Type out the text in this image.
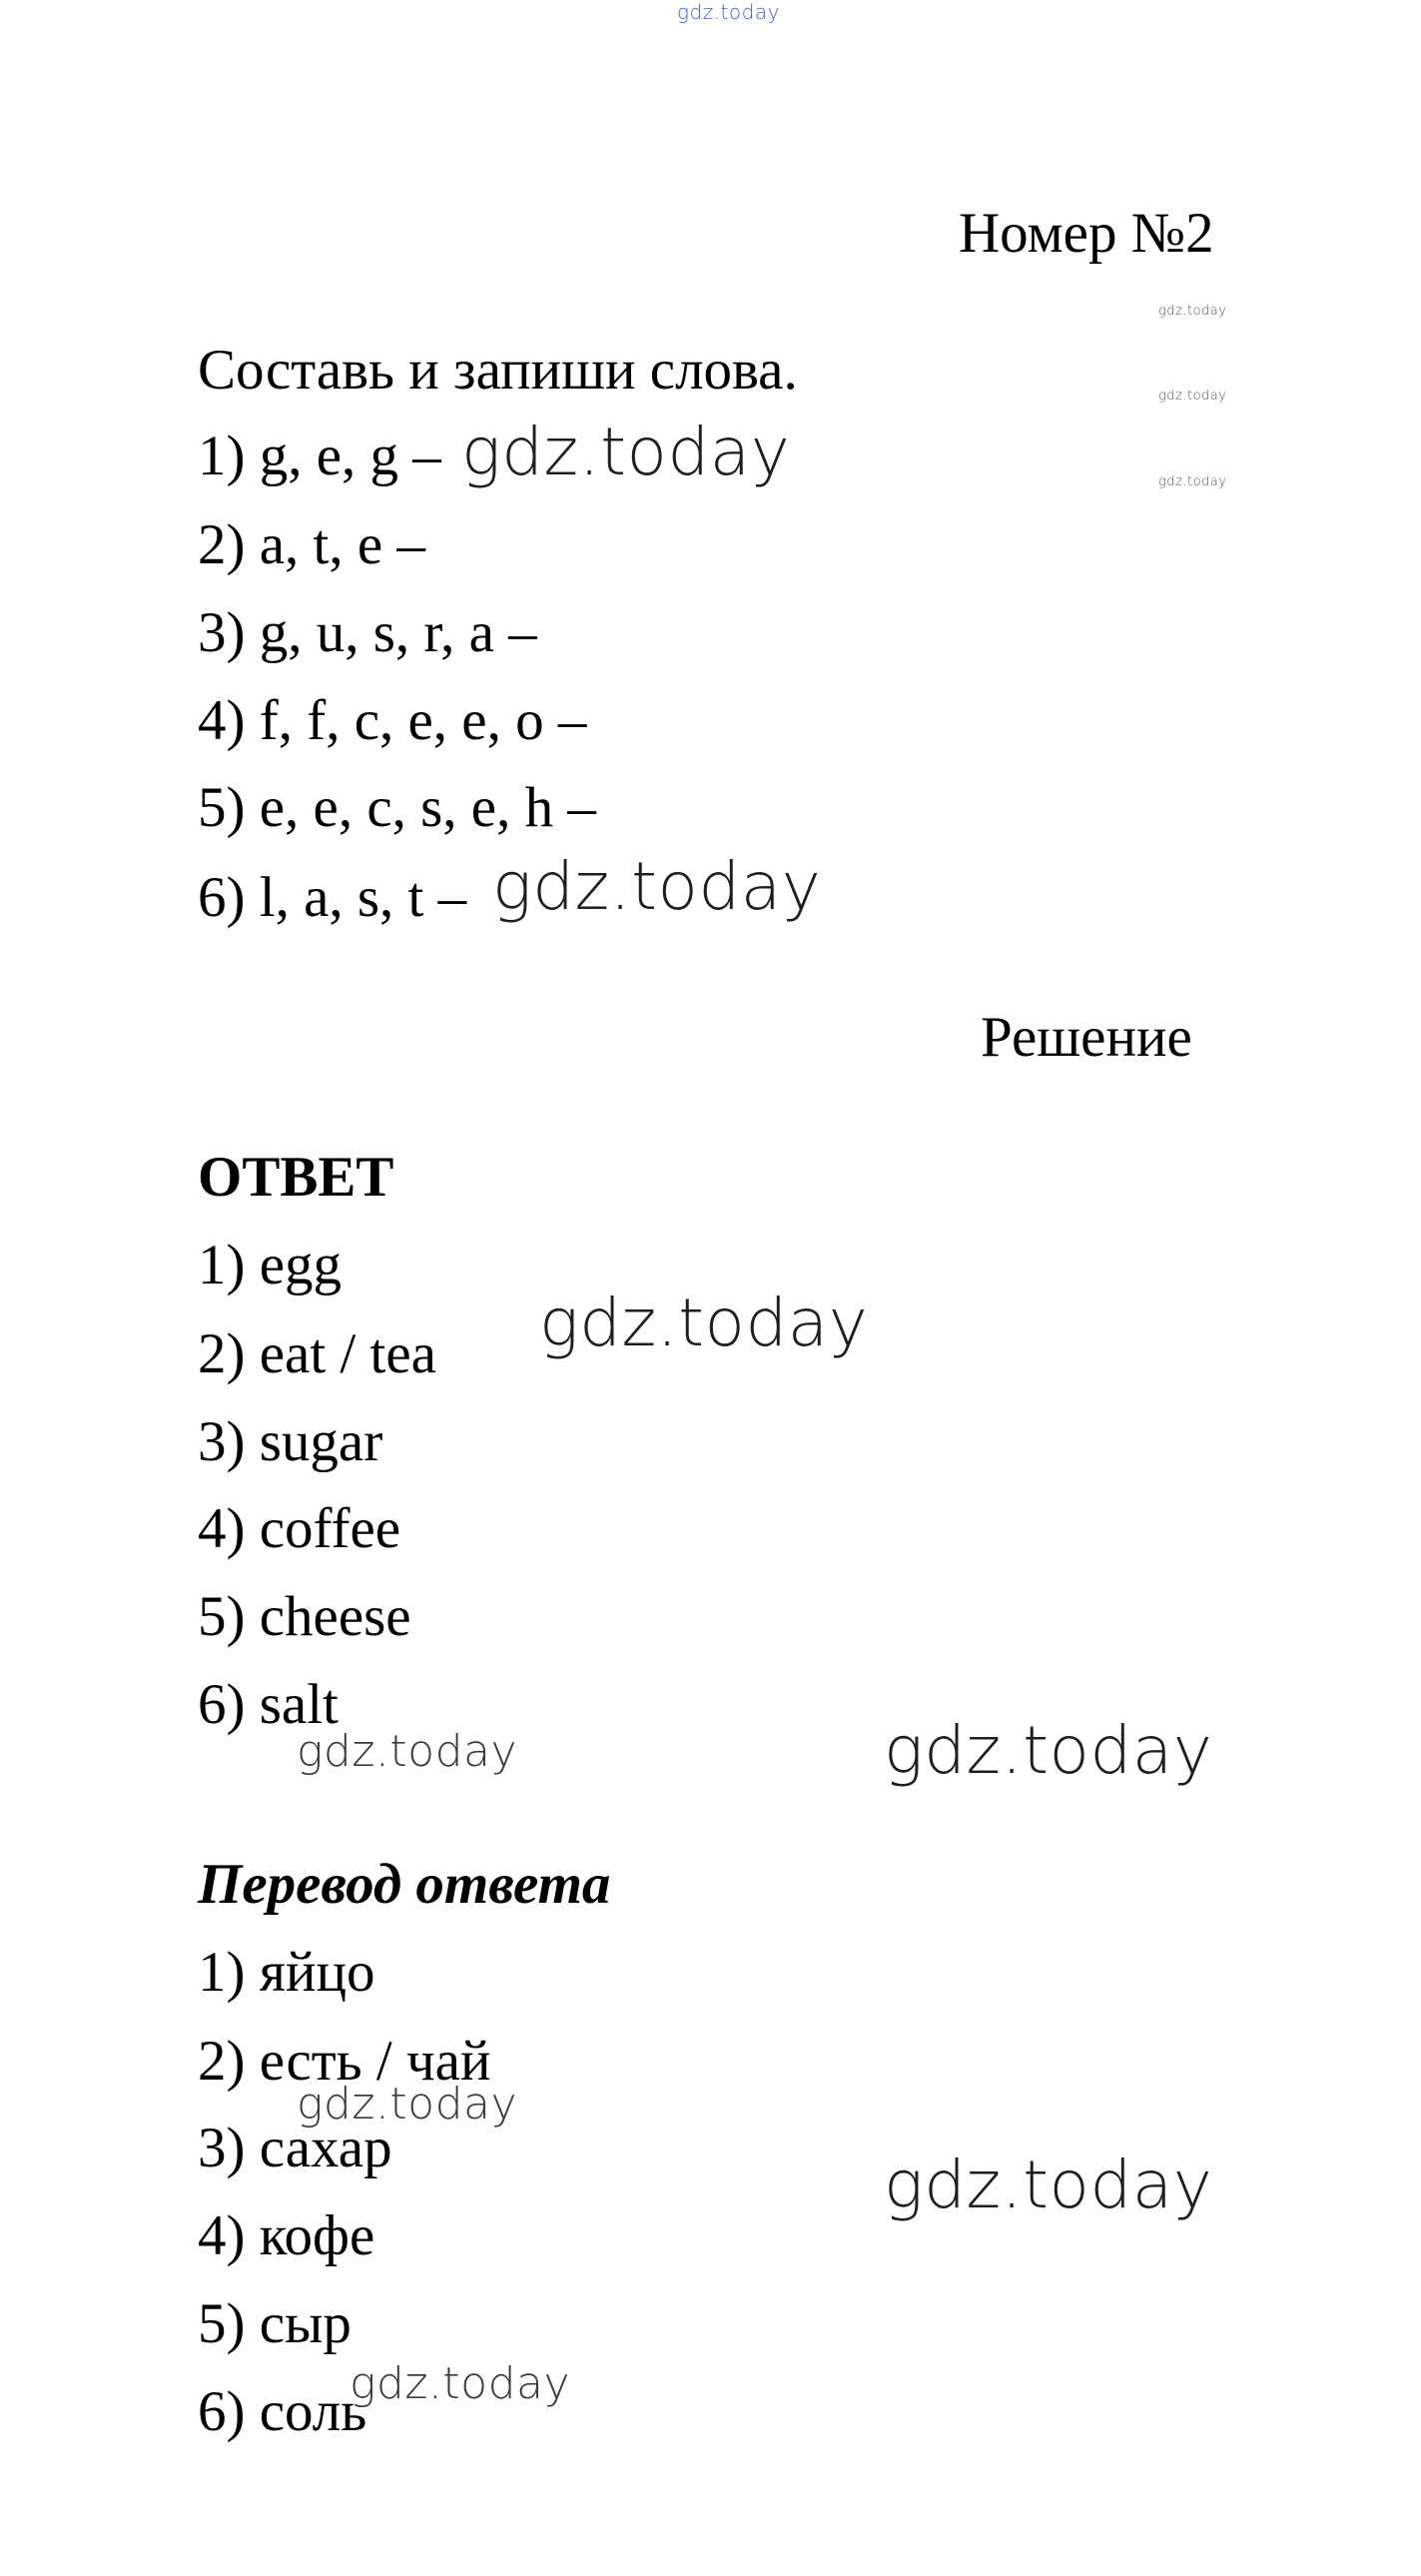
gdz.today
Номер №2
gdz.today
gdz.today
gdz.today
Составь и запиши слова.
1) g, e, g – gdz.today
2) a, t, e –
3) g, u, s, r, a –
4) f, f, c, e, e, o –
5) e, e, c, s, e, h –
6) l, a, s, t – gdz.today
Решение
ОТВЕТ
1) egg
gdz.today
2) eat / tea
3) sugar
4) coffee
5) cheese
6) salt
gdz.today	gdz.today
Перевод ответа
1) яйцо
2) есть / чай
gdz.today
3) сахар	gdz.today
4) кофе
5) сыр
gdz.today
6) соль
